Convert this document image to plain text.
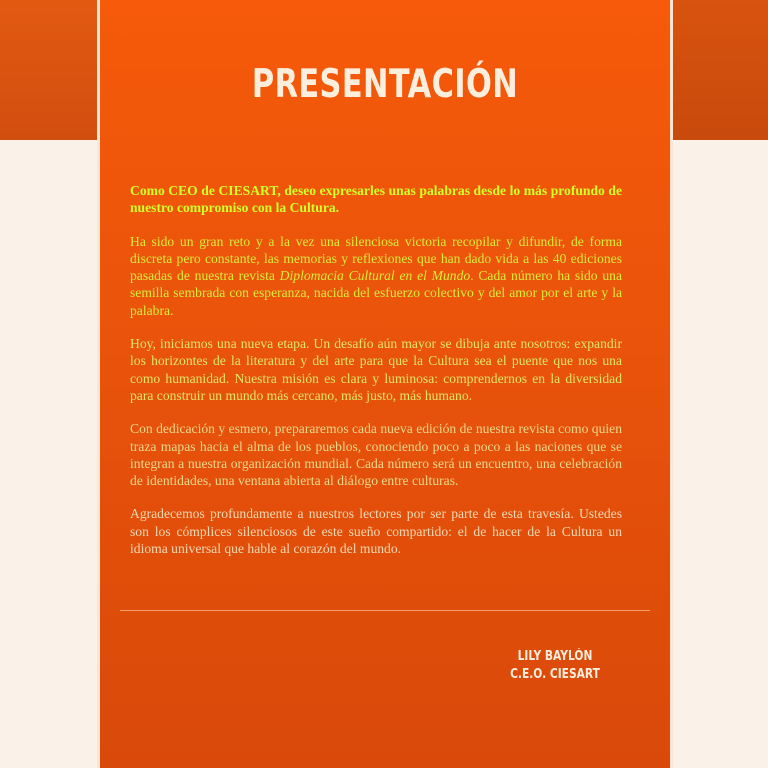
PRESENTACIÓN

Como CEO de CIESART, deseo expresarles unas palabras desde lo más profundo de nuestro compromiso con la Cultura.

Ha sido un gran reto y a la vez una silenciosa victoria recopilar y difundir, de forma discreta pero constante, las memorias y reflexiones que han dado vida a las 40 ediciones pasadas de nuestra revista Diplomacia Cultural en el Mundo. Cada número ha sido una semilla sembrada con esperanza, nacida del esfuerzo colectivo y del amor por el arte y la palabra.

Hoy, iniciamos una nueva etapa. Un desafío aún mayor se dibuja ante nosotros: expandir los horizontes de la literatura y del arte para que la Cultura sea el puente que nos una como humanidad. Nuestra misión es clara y luminosa: comprendernos en la diversidad para construir un mundo más cercano, más justo, más humano.

Con dedicación y esmero, prepararemos cada nueva edición de nuestra revista como quien traza mapas hacia el alma de los pueblos, conociendo poco a poco a las naciones que se integran a nuestra organización mundial. Cada número será un encuentro, una celebración de identidades, una ventana abierta al diálogo entre culturas.

Agradecemos profundamente a nuestros lectores por ser parte de esta travesía. Ustedes son los cómplices silenciosos de este sueño compartido: el de hacer de la Cultura un idioma universal que hable al corazón del mundo.

LILY BAYLÓN
C.E.O. CIESART
